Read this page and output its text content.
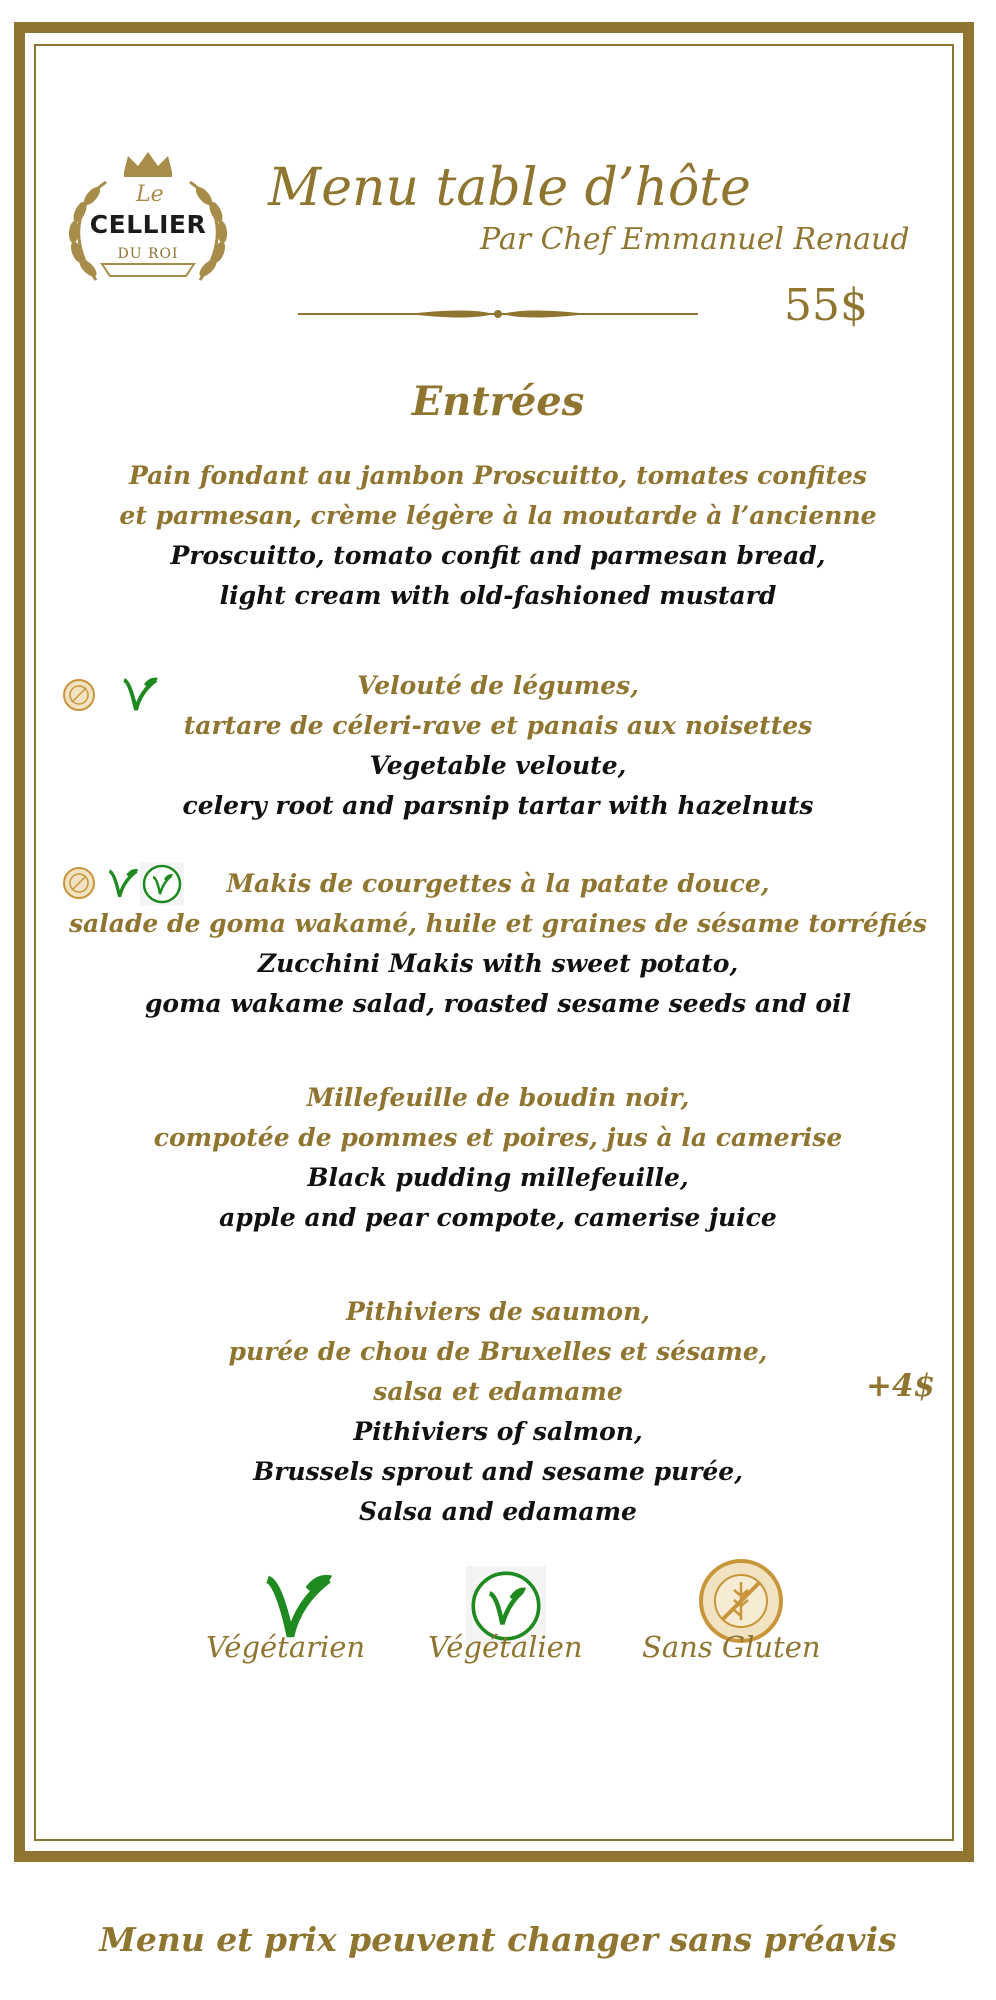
Le
CELLIER
DU ROI
Menu table d’hôte
Par Chef Emmanuel Renaud
55$
Entrées
Pain fondant au jambon Proscuitto, tomates confites
et parmesan, crème légère à la moutarde à l’ancienne
Proscuitto, tomato confit and parmesan bread,
light cream with old-fashioned mustard
Velouté de légumes,
tartare de céleri-rave et panais aux noisettes
Vegetable veloute,
celery root and parsnip tartar with hazelnuts
Makis de courgettes à la patate douce,
salade de goma wakamé, huile et graines de sésame torréfiés
Zucchini Makis with sweet potato,
goma wakame salad, roasted sesame seeds and oil
Millefeuille de boudin noir,
compotée de pommes et poires, jus à la camerise
Black pudding millefeuille,
apple and pear compote, camerise juice
Pithiviers de saumon,
purée de chou de Bruxelles et sésame,
salsa et edamame
Pithiviers of salmon,
Brussels sprout and sesame purée,
Salsa and edamame
+4$
Végétarien Végétalien Sans Gluten
Menu et prix peuvent changer sans préavis
